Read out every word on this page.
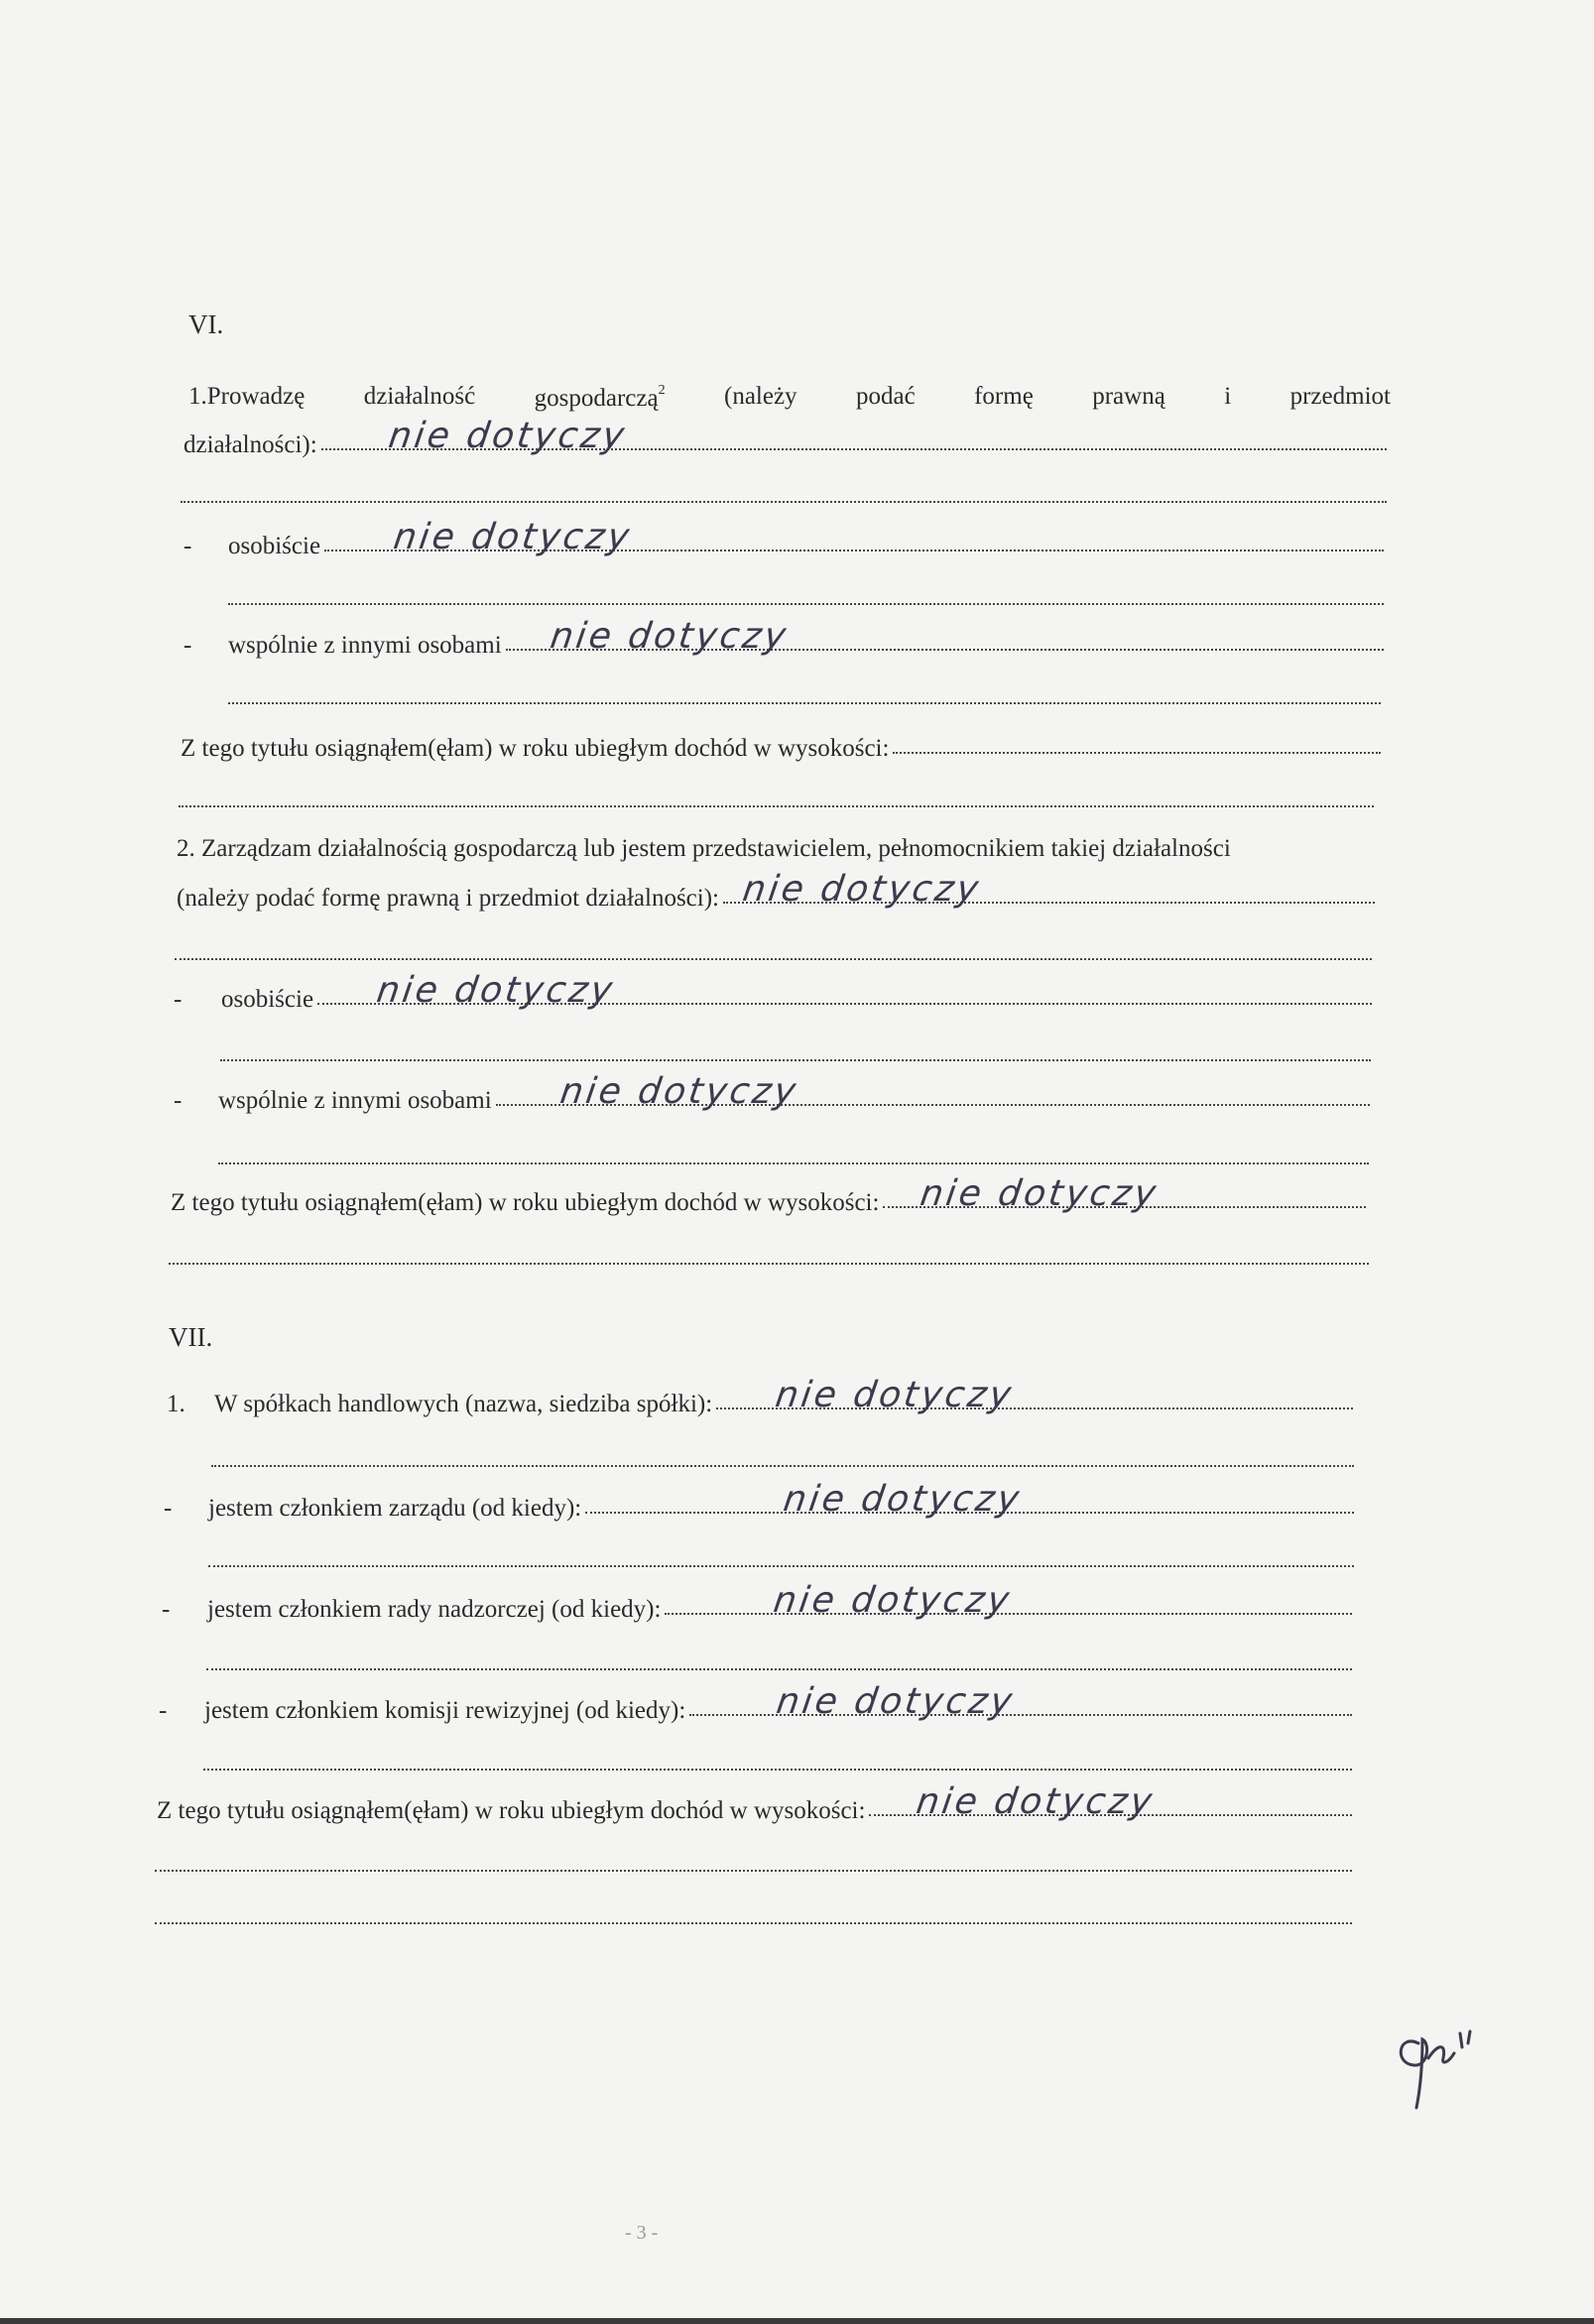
VI.
1.Prowadzę działalność gospodarczą$^2$ (należy podać formę prawną i przedmiot
działalności): nie dotyczy
-	osobiście nie dotyczy
-	wspólnie z innymi osobami nie dotyczy
Z tego tytułu osiągnąłem(ęłam) w roku ubiegłym dochód w wysokości:
2. Zarządzam działalnością gospodarczą lub jestem przedstawicielem, pełnomocnikiem takiej działalności
(należy podać formę prawną i przedmiot działalności): nie dotyczy
-	osobiście nie dotyczy
-	wspólnie z innymi osobami nie dotyczy
Z tego tytułu osiągnąłem(ęłam) w roku ubiegłym dochód w wysokości: nie dotyczy
VII.
1.	W spółkach handlowych (nazwa, siedziba spółki): nie dotyczy
-	jestem członkiem zarządu (od kiedy):	nie dotyczy
-	jestem członkiem rady nadzorczej (od kiedy):	nie dotyczy
-	jestem członkiem komisji rewizyjnej (od kiedy): nie dotyczy
Z tego tytułu osiągnąłem(ęłam) w roku ubiegłym dochód w wysokości: nie dotyczy
- 3 -
